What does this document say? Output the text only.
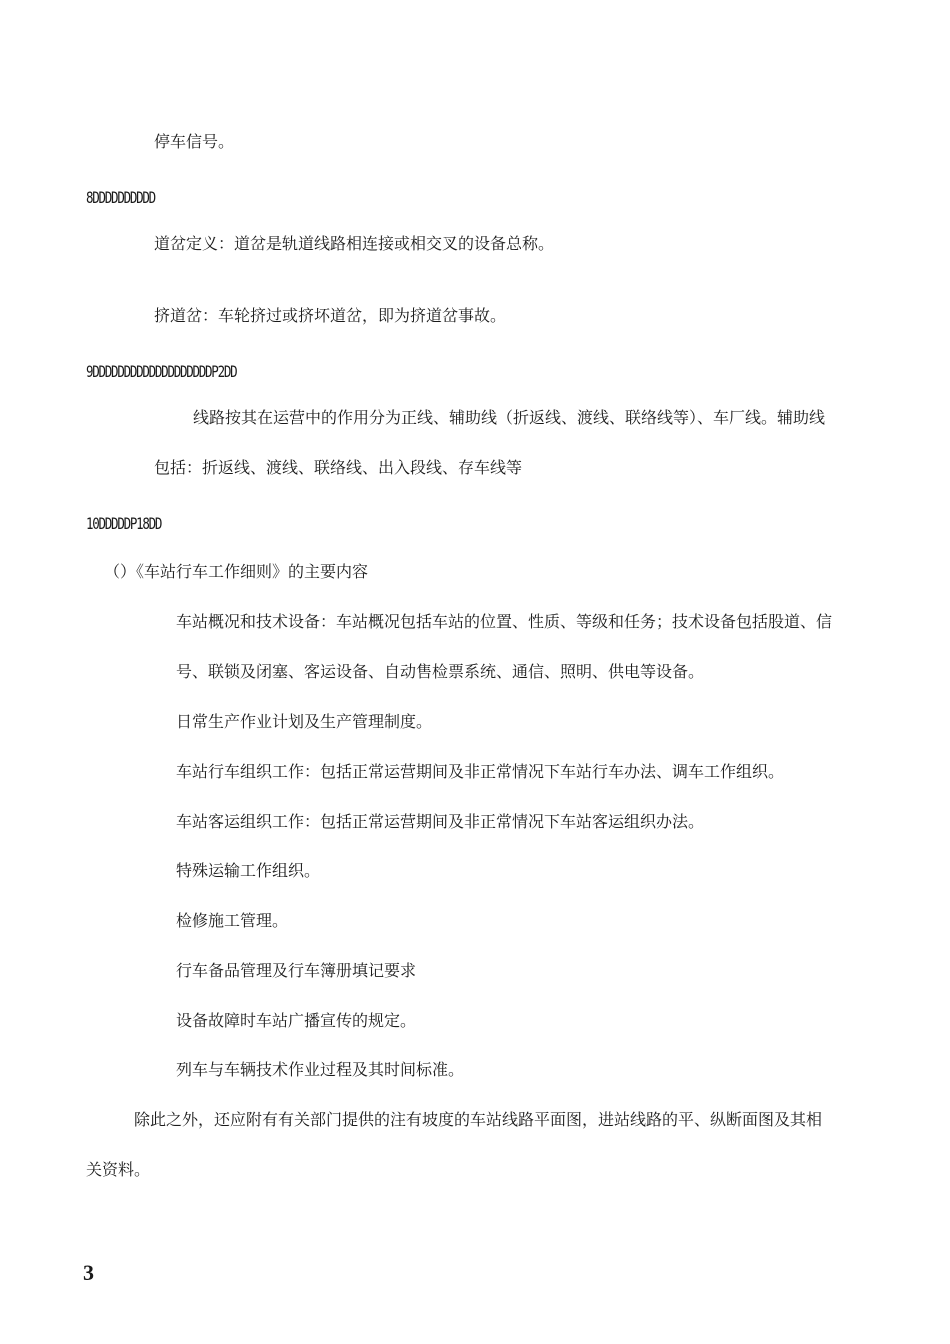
停车信号。
8DDDDDDDDDD
道岔定义：道岔是轨道线路相连接或相交叉的设备总称。
挤道岔：车轮挤过或挤坏道岔，即为挤道岔事故。
9DDDDDDDDDDDDDDDDDDDP2DD
线路按其在运营中的作用分为正线、辅助线（折返线、渡线、联络线等）、车厂线。辅助线
包括：折返线、渡线、联络线、出入段线、存车线等
10DDDDDP18DD
（）《车站行车工作细则》的主要内容
车站概况和技术设备：车站概况包括车站的位置、性质、等级和任务；技术设备包括股道、信
号、联锁及闭塞、客运设备、自动售检票系统、通信、照明、供电等设备。
日常生产作业计划及生产管理制度。
车站行车组织工作：包括正常运营期间及非正常情况下车站行车办法、调车工作组织。
车站客运组织工作：包括正常运营期间及非正常情况下车站客运组织办法。
特殊运输工作组织。
检修施工管理。
行车备品管理及行车簿册填记要求
设备故障时车站广播宣传的规定。
列车与车辆技术作业过程及其时间标准。
除此之外，还应附有有关部门提供的注有坡度的车站线路平面图，进站线路的平、纵断面图及其相
关资料。
3
